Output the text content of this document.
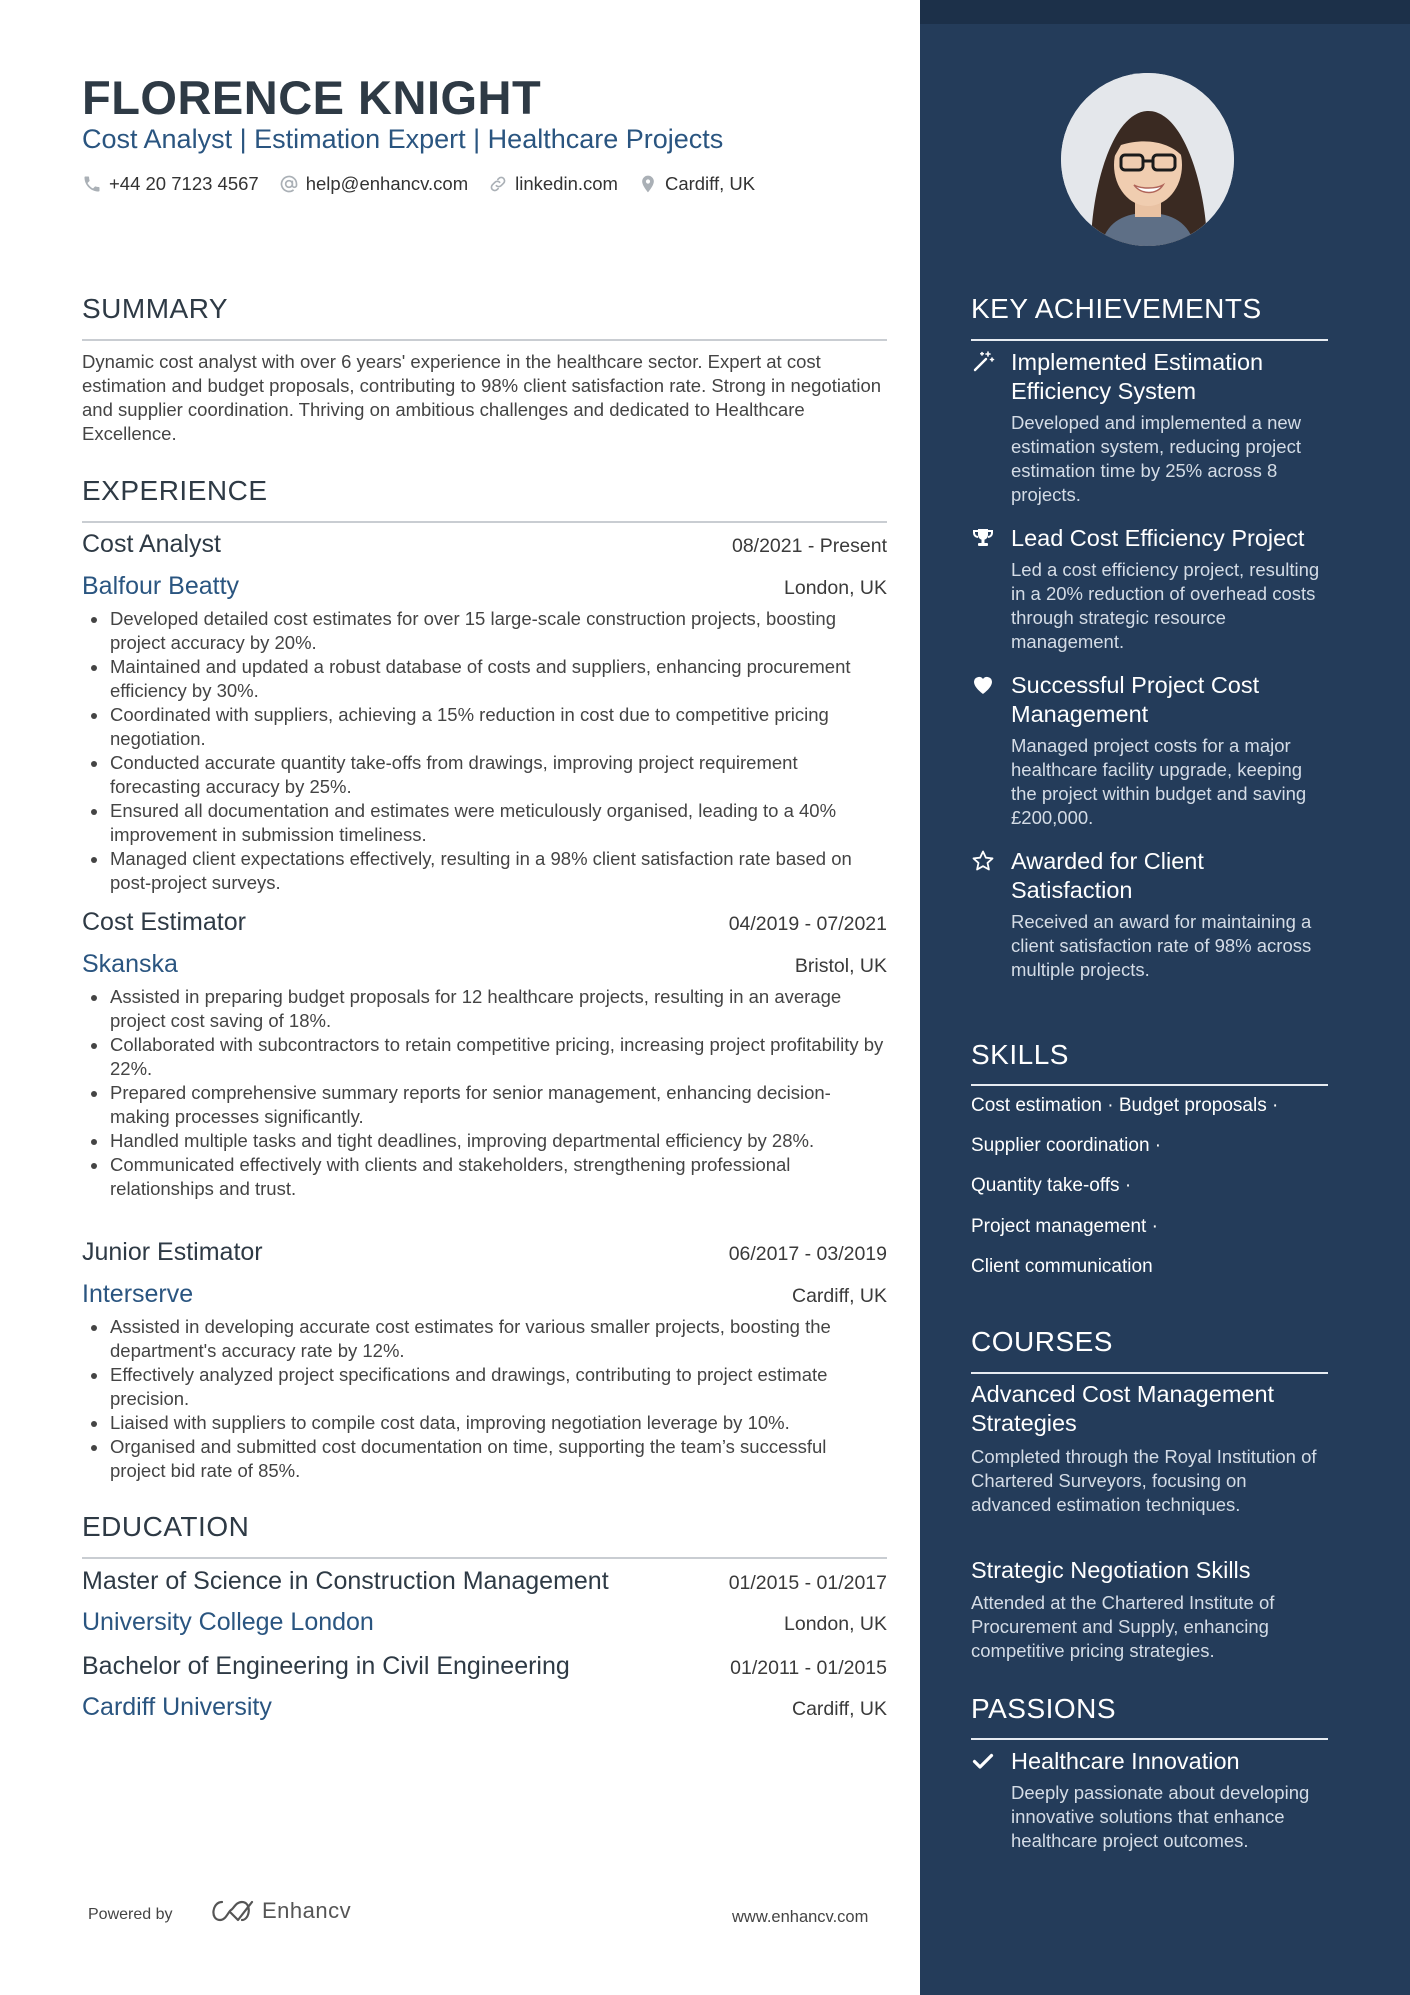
FLORENCE KNIGHT
Cost Analyst | Estimation Expert | Healthcare Projects
+44 20 7123 4567	help@enhancv.com	linkedin.com	Cardiff, UK
SUMMARY
Dynamic cost analyst with over 6 years' experience in the healthcare sector. Expert at cost estimation and budget proposals, contributing to 98% client satisfaction rate. Strong in negotiation and supplier coordination. Thriving on ambitious challenges and dedicated to Healthcare Excellence.
EXPERIENCE
Cost Analyst	08/2021 - Present
Balfour Beatty	London, UK
Developed detailed cost estimates for over 15 large-scale construction projects, boosting project accuracy by 20%.
Maintained and updated a robust database of costs and suppliers, enhancing procurement efficiency by 30%.
Coordinated with suppliers, achieving a 15% reduction in cost due to competitive pricing negotiation.
Conducted accurate quantity take-offs from drawings, improving project requirement forecasting accuracy by 25%.
Ensured all documentation and estimates were meticulously organised, leading to a 40% improvement in submission timeliness.
Managed client expectations effectively, resulting in a 98% client satisfaction rate based on post-project surveys.
Cost Estimator	04/2019 - 07/2021
Skanska	Bristol, UK
Assisted in preparing budget proposals for 12 healthcare projects, resulting in an average project cost saving of 18%.
Collaborated with subcontractors to retain competitive pricing, increasing project profitability by 22%.
Prepared comprehensive summary reports for senior management, enhancing decision-making processes significantly.
Handled multiple tasks and tight deadlines, improving departmental efficiency by 28%.
Communicated effectively with clients and stakeholders, strengthening professional relationships and trust.
Junior Estimator	06/2017 - 03/2019
Interserve	Cardiff, UK
Assisted in developing accurate cost estimates for various smaller projects, boosting the department's accuracy rate by 12%.
Effectively analyzed project specifications and drawings, contributing to project estimate precision.
Liaised with suppliers to compile cost data, improving negotiation leverage by 10%.
Organised and submitted cost documentation on time, supporting the team’s successful project bid rate of 85%.
EDUCATION
Master of Science in Construction Management	01/2015 - 01/2017
University College London	London, UK
Bachelor of Engineering in Civil Engineering	01/2011 - 01/2015
Cardiff University	Cardiff, UK
Powered by	Enhancv	www.enhancv.com
KEY ACHIEVEMENTS
Implemented Estimation Efficiency System
Developed and implemented a new estimation system, reducing project estimation time by 25% across 8 projects.
Lead Cost Efficiency Project
Led a cost efficiency project, resulting in a 20% reduction of overhead costs through strategic resource management.
Successful Project Cost Management
Managed project costs for a major healthcare facility upgrade, keeping the project within budget and saving £200,000.
Awarded for Client Satisfaction
Received an award for maintaining a client satisfaction rate of 98% across multiple projects.
SKILLS
Cost estimation · Budget proposals ·
Supplier coordination ·
Quantity take-offs ·
Project management ·
Client communication
COURSES
Advanced Cost Management Strategies
Completed through the Royal Institution of Chartered Surveyors, focusing on advanced estimation techniques.
Strategic Negotiation Skills
Attended at the Chartered Institute of Procurement and Supply, enhancing competitive pricing strategies.
PASSIONS
Healthcare Innovation
Deeply passionate about developing innovative solutions that enhance healthcare project outcomes.
